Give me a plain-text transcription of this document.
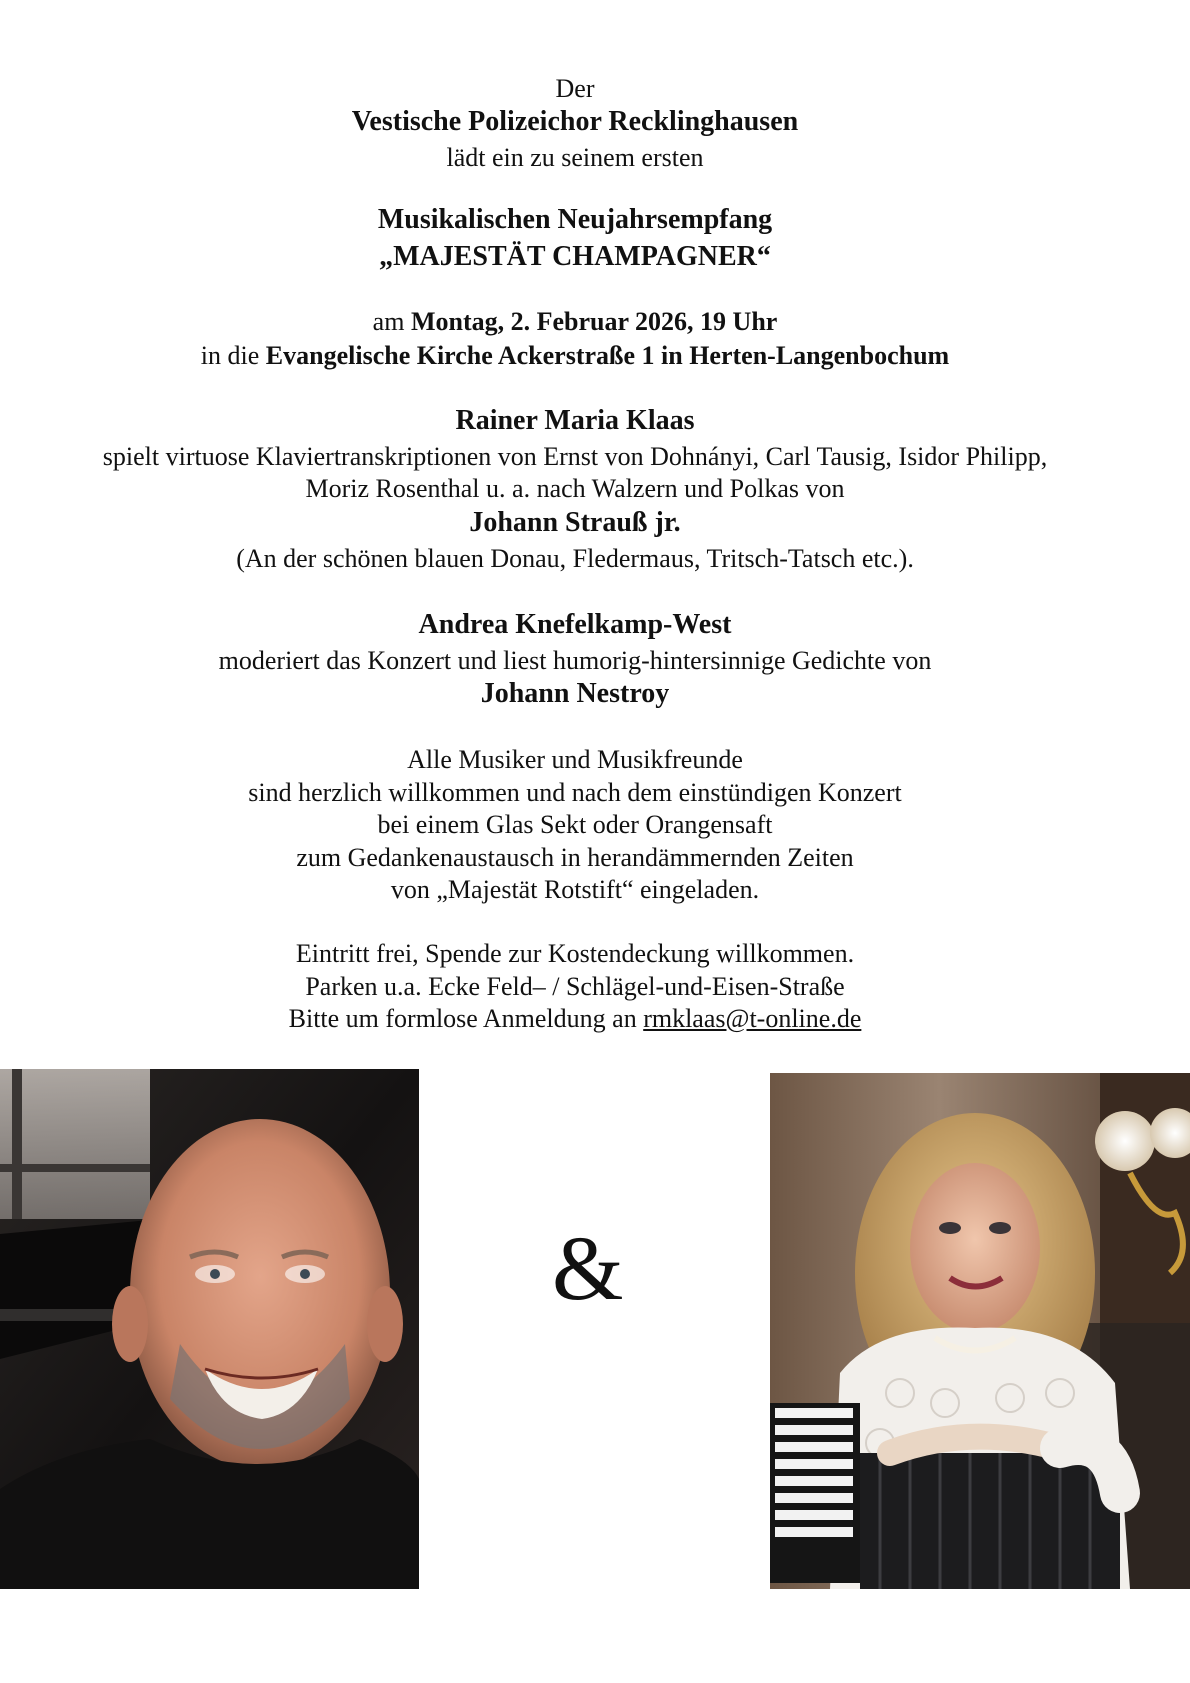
Der
Vestische Polizeichor Recklinghausen
lädt ein zu seinem ersten
Musikalischen Neujahrsempfang
„MAJESTÄT CHAMPAGNER“
am Montag, 2. Februar 2026, 19 Uhr
in die Evangelische Kirche Ackerstraße 1 in Herten-Langenbochum
Rainer Maria Klaas
spielt virtuose Klaviertranskriptionen von Ernst von Dohnányi, Carl Tausig, Isidor Philipp,
Moriz Rosenthal u. a. nach Walzern und Polkas von
Johann Strauß jr.
(An der schönen blauen Donau, Fledermaus, Tritsch-Tatsch etc.).
Andrea Knefelkamp-West
moderiert das Konzert und liest humorig-hintersinnige Gedichte von
Johann Nestroy
Alle Musiker und Musikfreunde
sind herzlich willkommen und nach dem einstündigen Konzert
bei einem Glas Sekt oder Orangensaft
zum Gedankenaustausch in herandämmernden Zeiten
von „Majestät Rotstift“ eingeladen.
Eintritt frei, Spende zur Kostendeckung willkommen.
Parken u.a. Ecke Feld– / Schlägel-und-Eisen-Straße
Bitte um formlose Anmeldung an rmklaas@t-online.de
&
